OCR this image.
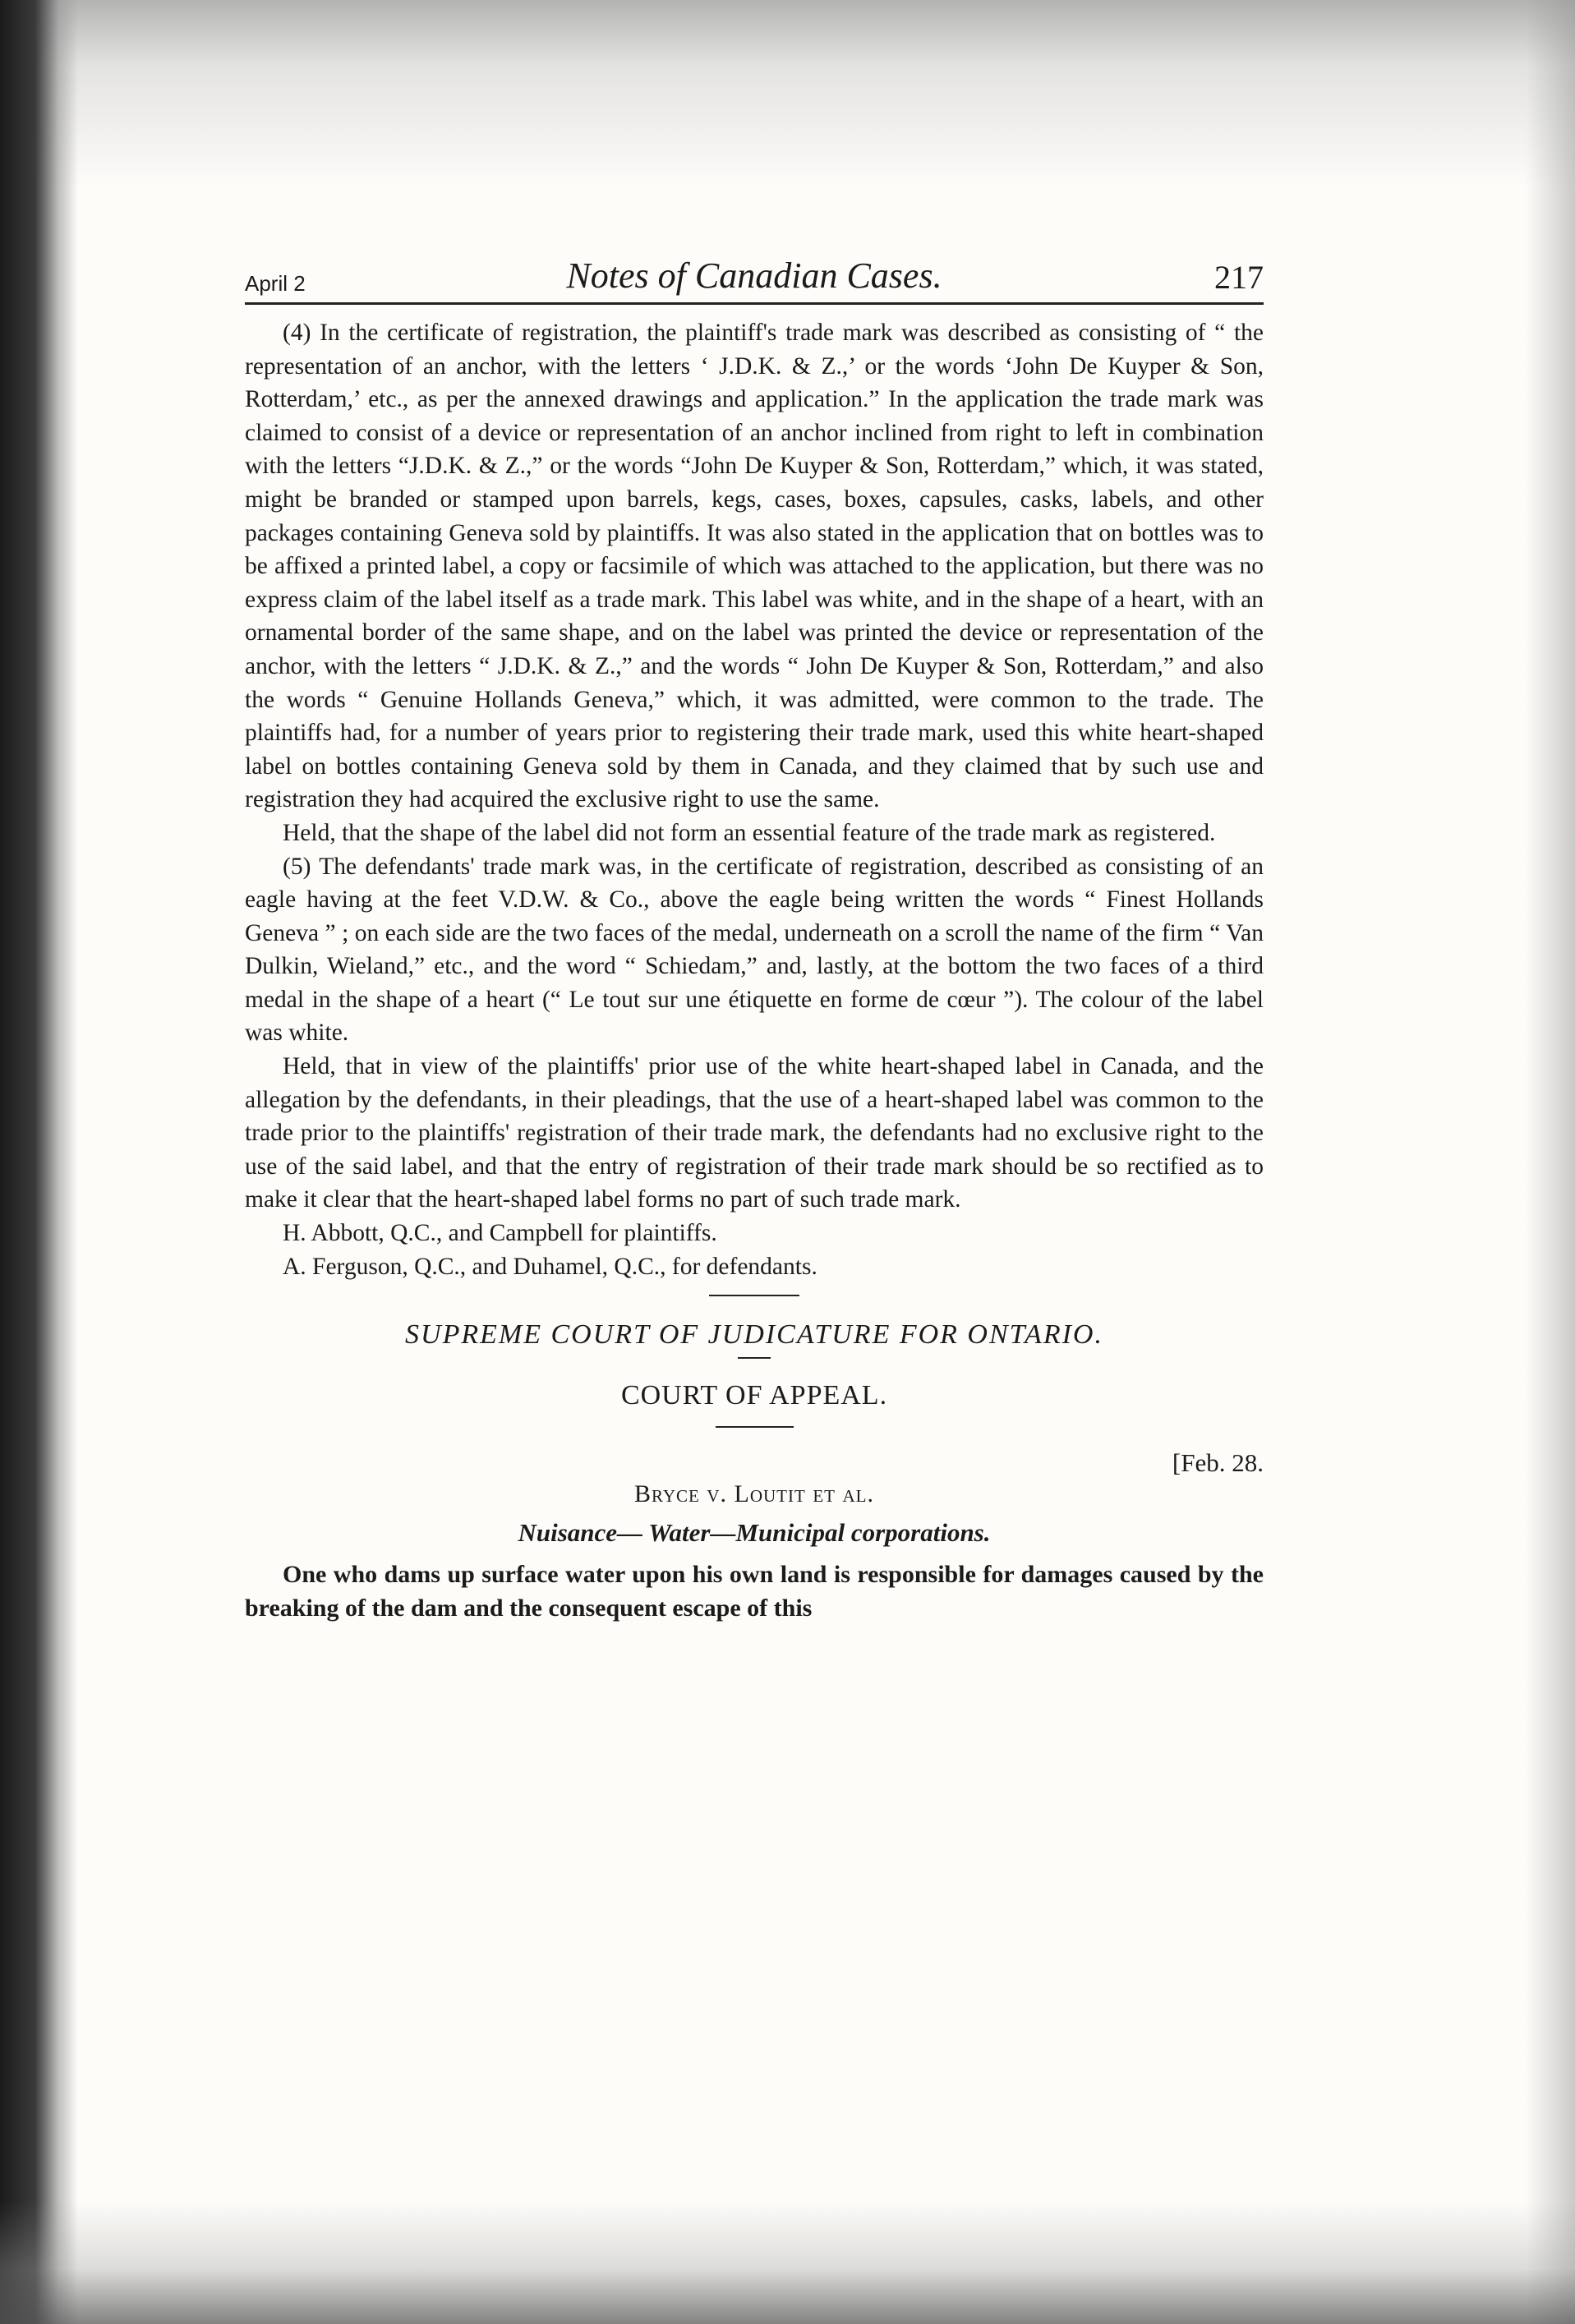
April 2	Notes of Canadian Cases.	217

(4) In the certificate of registration, the plaintiff's trade mark was described as consisting of “ the representation of an anchor, with the letters ‘ J.D.K. & Z.,’ or the words ‘John De Kuyper & Son, Rotterdam,’ etc., as per the annexed drawings and application.” In the application the trade mark was claimed to consist of a device or representation of an anchor inclined from right to left in combination with the letters “J.D.K. & Z.,” or the words “John De Kuyper & Son, Rotterdam,” which, it was stated, might be branded or stamped upon barrels, kegs, cases, boxes, capsules, casks, labels, and other packages containing Geneva sold by plaintiffs. It was also stated in the application that on bottles was to be affixed a printed label, a copy or facsimile of which was attached to the application, but there was no express claim of the label itself as a trade mark. This label was white, and in the shape of a heart, with an ornamental border of the same shape, and on the label was printed the device or representation of the anchor, with the letters “ J.D.K. & Z.,” and the words “ John De Kuyper & Son, Rotterdam,” and also the words “ Genuine Hollands Geneva,” which, it was admitted, were common to the trade. The plaintiffs had, for a number of years prior to registering their trade mark, used this white heart-shaped label on bottles containing Geneva sold by them in Canada, and they claimed that by such use and registration they had acquired the exclusive right to use the same.

Held, that the shape of the label did not form an essential feature of the trade mark as registered.

(5) The defendants' trade mark was, in the certificate of registration, described as consisting of an eagle having at the feet V.D.W. & Co., above the eagle being written the words “ Finest Hollands Geneva ” ; on each side are the two faces of the medal, underneath on a scroll the name of the firm “ Van Dulkin, Wieland,” etc., and the word “ Schiedam,” and, lastly, at the bottom the two faces of a third medal in the shape of a heart (“ Le tout sur une étiquette en forme de cœur ”). The colour of the label was white.

Held, that in view of the plaintiffs' prior use of the white heart-shaped label in Canada, and the allegation by the defendants, in their pleadings, that the use of a heart-shaped label was common to the trade prior to the plaintiffs' registration of their trade mark, the defendants had no exclusive right to the use of the said label, and that the entry of registration of their trade mark should be so rectified as to make it clear that the heart-shaped label forms no part of such trade mark.

H. Abbott, Q.C., and Campbell for plaintiffs.

A. Ferguson, Q.C., and Duhamel, Q.C., for defendants.

SUPREME COURT OF JUDICATURE FOR ONTARIO.
COURT OF APPEAL.
[Feb. 28.
Bryce v. Loutit et al.
Nuisance— Water—Municipal corporations.

One who dams up surface water upon his own land is responsible for damages caused by the breaking of the dam and the consequent escape of this
